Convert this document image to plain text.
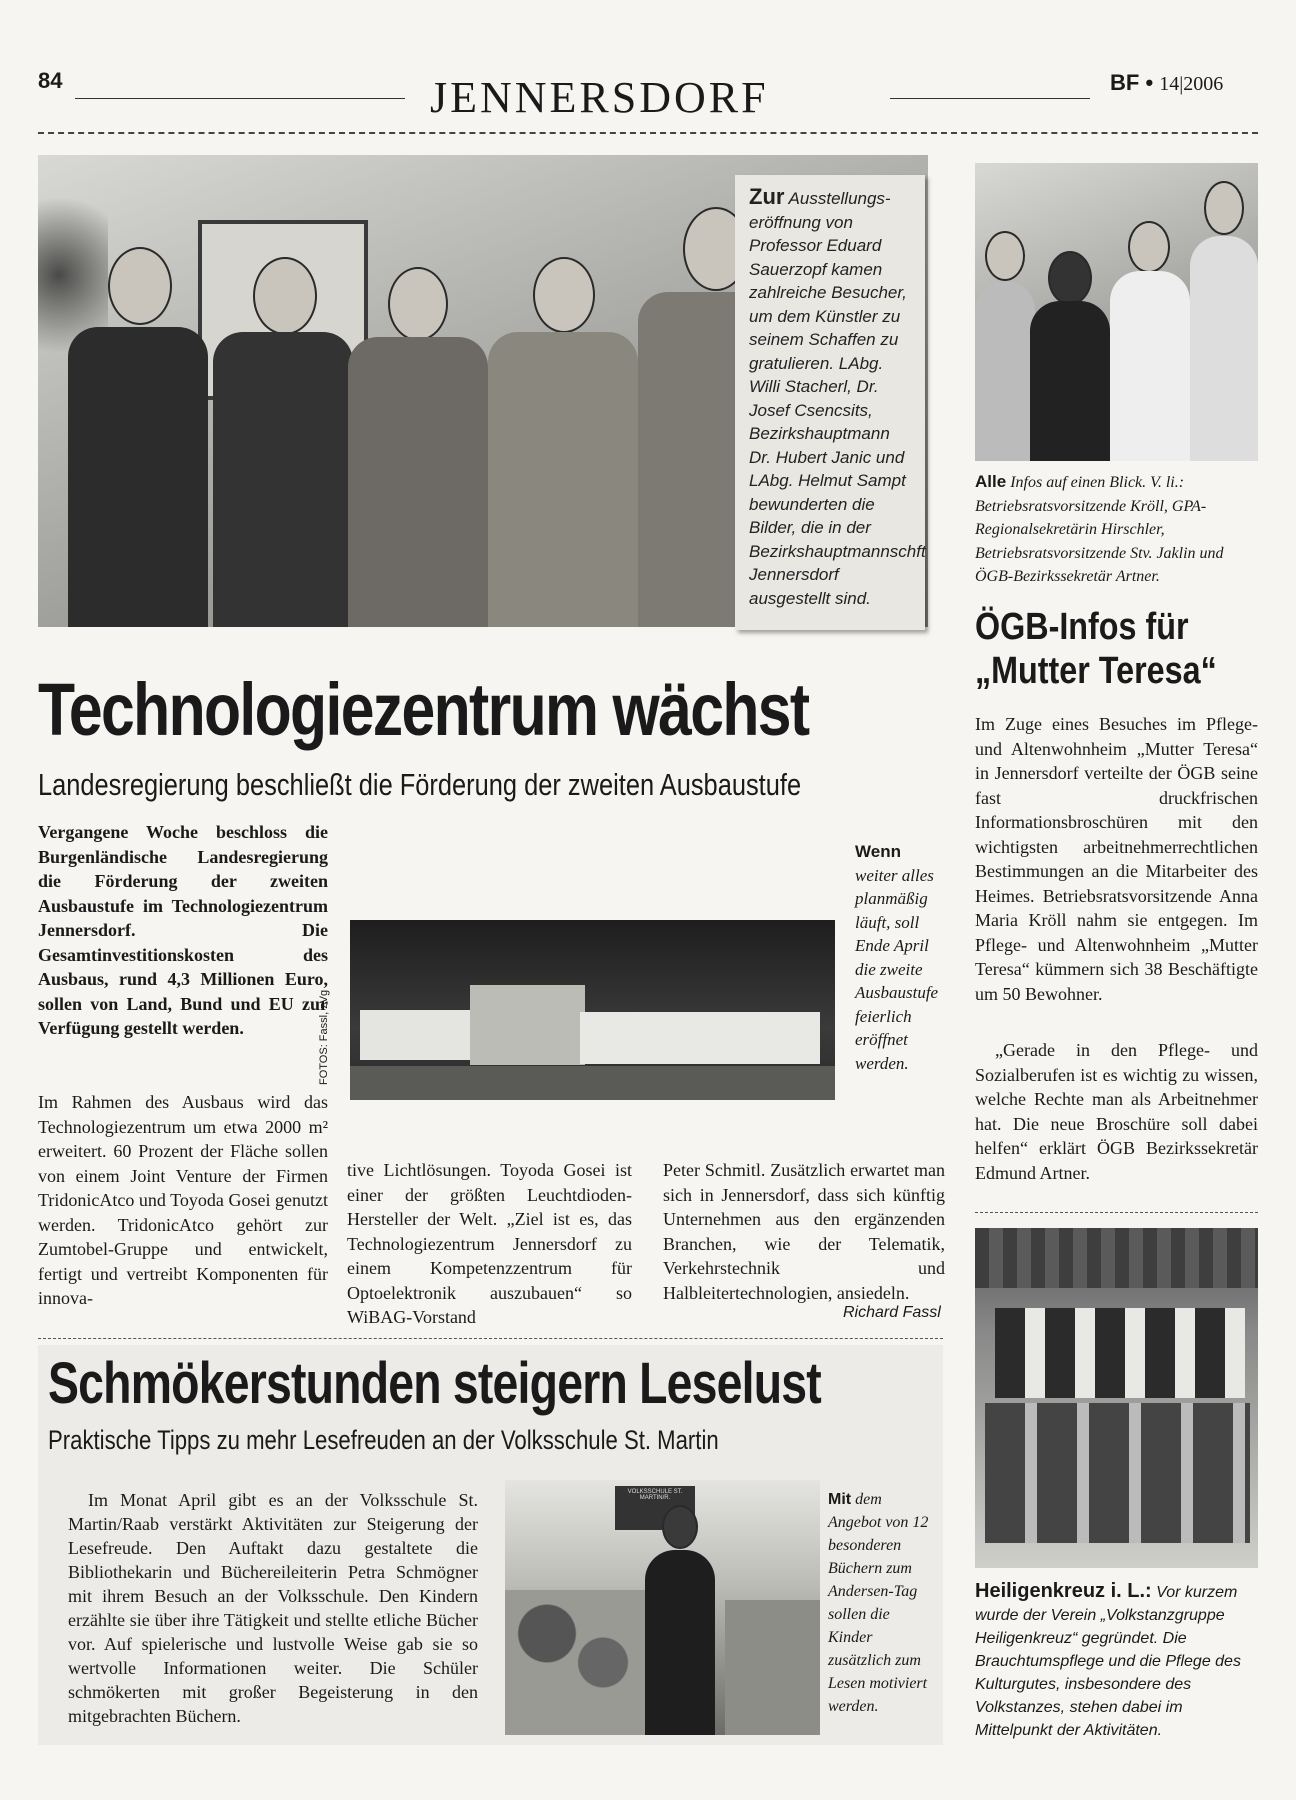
84	JENNERSDORF	BF • 14|2006

Zur Ausstellungs-eröffnung von Professor Eduard Sauerzopf kamen zahlreiche Besucher, um dem Künstler zu seinem Schaffen zu gratulieren. LAbg. Willi Stacherl, Dr. Josef Csencsits, Bezirkshauptmann Dr. Hubert Janic und LAbg. Helmut Sampt bewunderten die Bilder, die in der Bezirkshauptmannschft Jennersdorf ausgestellt sind.

Technologiezentrum wächst
Landesregierung beschließt die Förderung der zweiten Ausbaustufe
Vergangene Woche beschloss die Burgenländische Landesregierung die Förderung der zweiten Ausbaustufe im Technologiezentrum Jennersdorf. Die Gesamtinvestitionskosten des Ausbaus, rund 4,3 Millionen Euro, sollen von Land, Bund und EU zur Verfügung gestellt werden.
Im Rahmen des Ausbaus wird das Technologiezentrum um etwa 2000 m² erweitert. 60 Prozent der Fläche sollen von einem Joint Venture der Firmen TridonicAtco und Toyoda Gosei genutzt werden. TridonicAtco gehört zur Zumtobel-Gruppe und entwickelt, fertigt und vertreibt Komponenten für innova-
FOTOS: Fassl, zVg
Wenn weiter alles planmäßig läuft, soll Ende April die zweite Ausbaustufe feierlich eröffnet werden.
tive Lichtlösungen. Toyoda Gosei ist einer der größten Leuchtdioden-Hersteller der Welt. „Ziel ist es, das Technologiezentrum Jennersdorf zu einem Kompetenzzentrum für Optoelektronik auszubauen“ so WiBAG-Vorstand
Peter Schmitl. Zusätzlich erwartet man sich in Jennersdorf, dass sich künftig Unternehmen aus den ergänzenden Branchen, wie der Telematik, Verkehrstechnik und Halbleitertechnologien, ansiedeln.
Richard Fassl
Alle Infos auf einen Blick. V. li.: Betriebsratsvorsitzende Kröll, GPA-Regionalsekretärin Hirschler, Betriebsratsvorsitzende Stv. Jaklin und ÖGB-Bezirkssekretär Artner.
ÖGB-Infos für
„Mutter Teresa“
Im Zuge eines Besuches im Pflege- und Altenwohnheim „Mutter Teresa“ in Jennersdorf verteilte der ÖGB seine fast druckfrischen Informationsbroschüren mit den wichtigsten arbeitnehmerrechtlichen Bestimmungen an die Mitarbeiter des Heimes. Betriebsratsvorsitzende Anna Maria Kröll nahm sie entgegen. Im Pflege- und Altenwohnheim „Mutter Teresa“ kümmern sich 38 Beschäftigte um 50 Bewohner.
„Gerade in den Pflege- und Sozialberufen ist es wichtig zu wissen, welche Rechte man als Arbeitnehmer hat. Die neue Broschüre soll dabei helfen“ erklärt ÖGB Bezirkssekretär Edmund Artner.
Heiligenkreuz i. L.: Vor kurzem wurde der Verein „Volkstanzgruppe Heiligenkreuz“ gegründet. Die Brauchtumspflege und die Pflege des Kulturgutes, insbesondere des Volkstanzes, stehen dabei im Mittelpunkt der Aktivitäten.
Schmökerstunden steigern Leselust
Praktische Tipps zu mehr Lesefreuden an der Volksschule St. Martin
Im Monat April gibt es an der Volksschule St. Martin/Raab verstärkt Aktivitäten zur Steigerung der Lesefreude. Den Auftakt dazu gestaltete die Bibliothekarin und Büchereileiterin Petra Schmögner mit ihrem Besuch an der Volksschule. Den Kindern erzählte sie über ihre Tätigkeit und stellte etliche Bücher vor. Auf spielerische und lustvolle Weise gab sie so wertvolle Informationen weiter. Die Schüler schmökerten mit großer Begeisterung in den mitgebrachten Büchern.
VOLKSSCHULE ST. MARTIN/R.	Mit dem Angebot von 12 besonderen Büchern zum Andersen-Tag sollen die Kinder zusätzlich zum Lesen motiviert werden.
